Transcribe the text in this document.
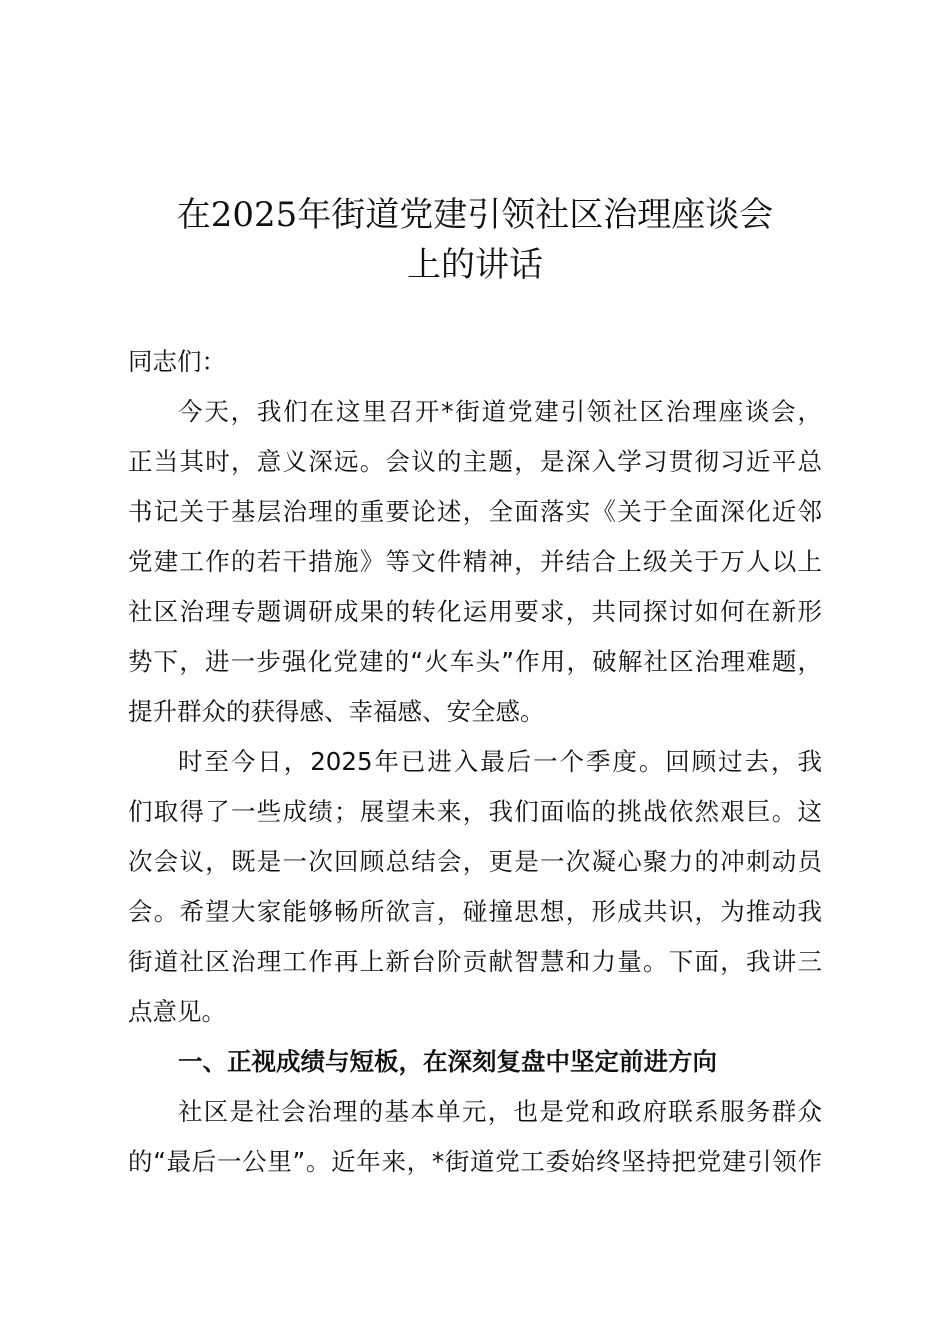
在2025年街道党建引领社区治理座谈会
上的讲话
同志们：
今天，我们在这里召开*街道党建引领社区治理座谈会，
正当其时，意义深远。会议的主题，是深入学习贯彻习近平总
书记关于基层治理的重要论述，全面落实《关于全面深化近邻
党建工作的若干措施》等文件精神，并结合上级关于万人以上
社区治理专题调研成果的转化运用要求，共同探讨如何在新形
势下，进一步强化党建的“火车头”作用，破解社区治理难题，
提升群众的获得感、幸福感、安全感。
时至今日，2025年已进入最后一个季度。回顾过去，我
们取得了一些成绩；展望未来，我们面临的挑战依然艰巨。这
次会议，既是一次回顾总结会，更是一次凝心聚力的冲刺动员
会。希望大家能够畅所欲言，碰撞思想，形成共识，为推动我
街道社区治理工作再上新台阶贡献智慧和力量。下面，我讲三
点意见。
一、正视成绩与短板，在深刻复盘中坚定前进方向
社区是社会治理的基本单元，也是党和政府联系服务群众
的“最后一公里”。近年来，*街道党工委始终坚持把党建引领作
